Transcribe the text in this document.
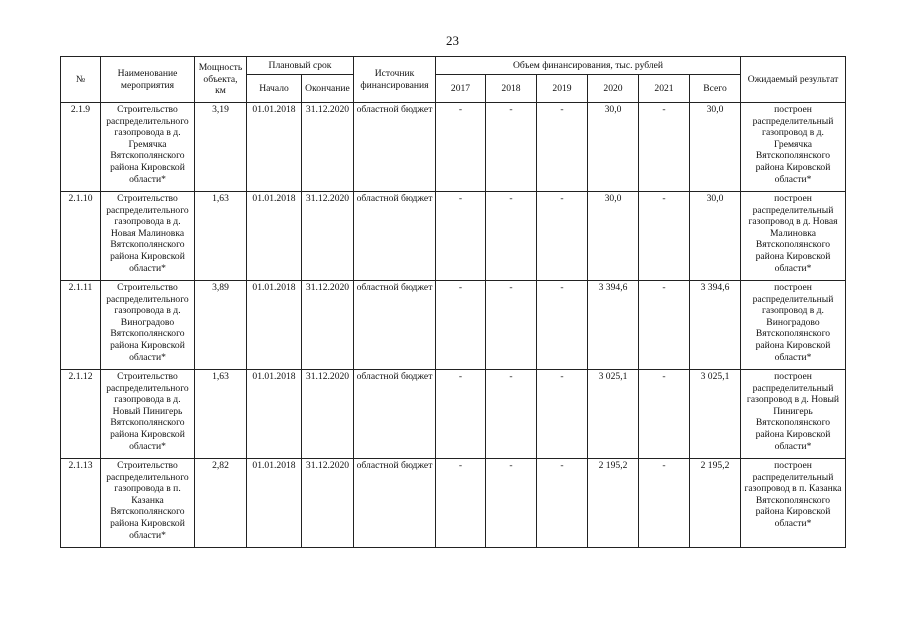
23
№	Наименование мероприятия	Мощность объекта, км	Плановый срок		Источник финансирования	Объем финансирования, тыс. рублей						Ожидаемый результат
			Начало	Окончание		2017	2018	2019	2020	2021	Всего	
2.1.9	Строительство распределительного газопровода в д. Гремячка Вятскополянского района Кировской области*	3,19	01.01.2018	31.12.2020	областной бюджет	-	-	-	30,0	-	30,0	построен распределительный газопровод в д. Гремячка Вятскополянского района Кировской области*
2.1.10	Строительство распределительного газопровода в д. Новая Малиновка Вятскополянского района Кировской области*	1,63	01.01.2018	31.12.2020	областной бюджет	-	-	-	30,0	-	30,0	построен распределительный газопровод в д. Новая Малиновка Вятскополянского района Кировской области*
2.1.11	Строительство распределительного газопровода в д. Виноградово Вятскополянского района Кировской области*	3,89	01.01.2018	31.12.2020	областной бюджет	-	-	-	3 394,6	-	3 394,6	построен распределительный газопровод в д. Виноградово Вятскополянского района Кировской области*
2.1.12	Строительство распределительного газопровода в д. Новый Пинигерь Вятскополянского района Кировской области*	1,63	01.01.2018	31.12.2020	областной бюджет	-	-	-	3 025,1	-	3 025,1	построен распределительный газопровод в д. Новый Пинигерь Вятскополянского района Кировской области*
2.1.13	Строительство распределительного газопровода в п. Казанка Вятскополянского района Кировской области*	2,82	01.01.2018	31.12.2020	областной бюджет	-	-	-	2 195,2	-	2 195,2	построен распределительный газопровод в п. Казанка Вятскополянского района Кировской области*
